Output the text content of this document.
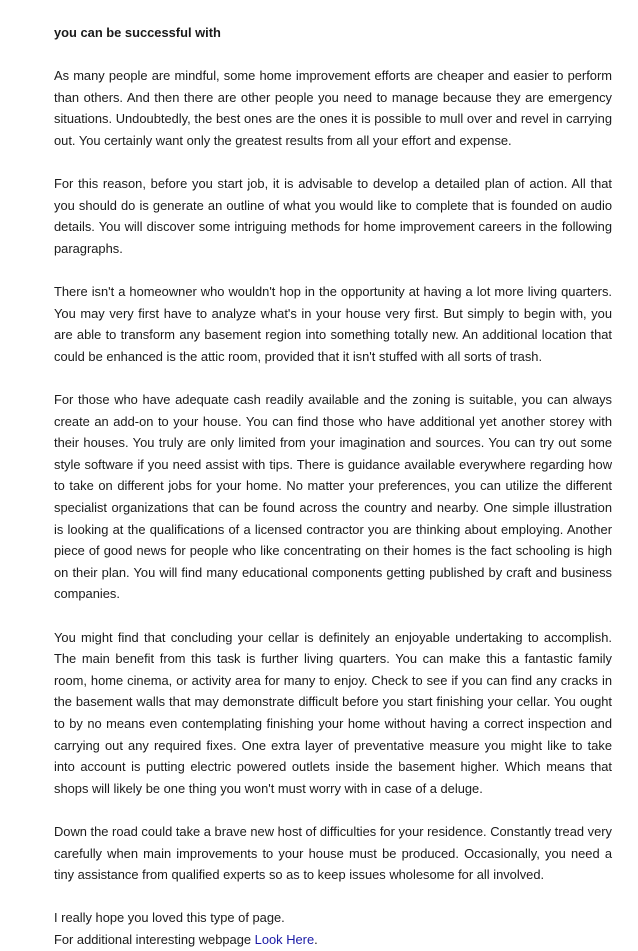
you can be successful with

As many people are mindful, some home improvement efforts are cheaper and easier to perform than others. And then there are other people you need to manage because they are emergency situations. Undoubtedly, the best ones are the ones it is possible to mull over and revel in carrying out. You certainly want only the greatest results from all your effort and expense.

For this reason, before you start job, it is advisable to develop a detailed plan of action. All that you should do is generate an outline of what you would like to complete that is founded on audio details. You will discover some intriguing methods for home improvement careers in the following paragraphs.

There isn't a homeowner who wouldn't hop in the opportunity at having a lot more living quarters. You may very first have to analyze what's in your house very first. But simply to begin with, you are able to transform any basement region into something totally new. An additional location that could be enhanced is the attic room, provided that it isn't stuffed with all sorts of trash.

For those who have adequate cash readily available and the zoning is suitable, you can always create an add-on to your house. You can find those who have additional yet another storey with their houses. You truly are only limited from your imagination and sources. You can try out some style software if you need assist with tips. There is guidance available everywhere regarding how to take on different jobs for your home. No matter your preferences, you can utilize the different specialist organizations that can be found across the country and nearby. One simple illustration is looking at the qualifications of a licensed contractor you are thinking about employing. Another piece of good news for people who like concentrating on their homes is the fact schooling is high on their plan. You will find many educational components getting published by craft and business companies.

You might find that concluding your cellar is definitely an enjoyable undertaking to accomplish. The main benefit from this task is further living quarters. You can make this a fantastic family room, home cinema, or activity area for many to enjoy. Check to see if you can find any cracks in the basement walls that may demonstrate difficult before you start finishing your cellar. You ought to by no means even contemplating finishing your home without having a correct inspection and carrying out any required fixes. One extra layer of preventative measure you might like to take into account is putting electric powered outlets inside the basement higher. Which means that shops will likely be one thing you won't must worry with in case of a deluge.

Down the road could take a brave new host of difficulties for your residence. Constantly tread very carefully when main improvements to your house must be produced. Occasionally, you need a tiny assistance from qualified experts so as to keep issues wholesome for all involved.

I really hope you loved this type of page.
For additional interesting webpage Look Here.
